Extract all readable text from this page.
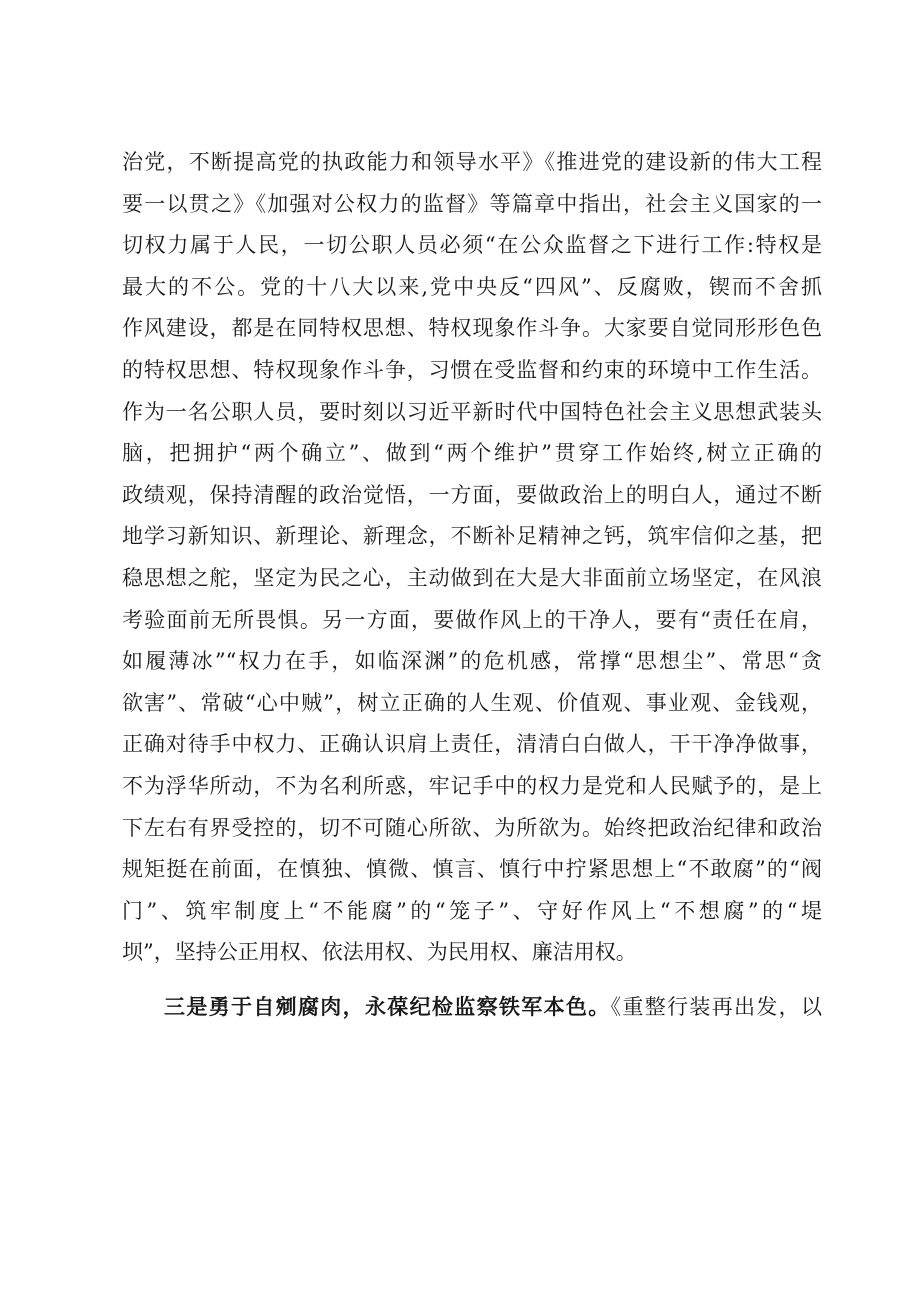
治党，不断提高党的执政能力和领导水平》《推进党的建设新的伟大工程
要一以贯之》《加强对公权力的监督》等篇章中指出，社会主义国家的一
切权力属于人民，一切公职人员必须“在公众监督之下进行工作:特权是
最大的不公。党的十八大以来,党中央反“四风”、反腐败，锲而不舍抓
作风建设，都是在同特权思想、特权现象作斗争。大家要自觉同形形色色
的特权思想、特权现象作斗争，习惯在受监督和约束的环境中工作生活。
作为一名公职人员，要时刻以习近平新时代中国特色社会主义思想武装头
脑，把拥护“两个确立”、做到“两个维护”贯穿工作始终,树立正确的
政绩观，保持清醒的政治觉悟，一方面，要做政治上的明白人，通过不断
地学习新知识、新理论、新理念，不断补足精神之钙，筑牢信仰之基，把
稳思想之舵，坚定为民之心，主动做到在大是大非面前立场坚定，在风浪
考验面前无所畏惧。另一方面，要做作风上的干净人，要有“责任在肩，
如履薄冰”“权力在手，如临深渊”的危机感，常撑“思想尘”、常思“贪
欲害”、常破“心中贼”，树立正确的人生观、价值观、事业观、金钱观，
正确对待手中权力、正确认识肩上责任，清清白白做人，干干净净做事，
不为浮华所动，不为名利所惑，牢记手中的权力是党和人民赋予的，是上
下左右有界受控的，切不可随心所欲、为所欲为。始终把政治纪律和政治
规矩挺在前面，在慎独、慎微、慎言、慎行中拧紧思想上“不敢腐”的“阀
门”、筑牢制度上“不能腐”的“笼子”、守好作风上“不想腐”的“堤
坝”，坚持公正用权、依法用权、为民用权、廉洁用权。
三是勇于自剜腐肉，永葆纪检监察铁军本色。《重整行装再出发，以
